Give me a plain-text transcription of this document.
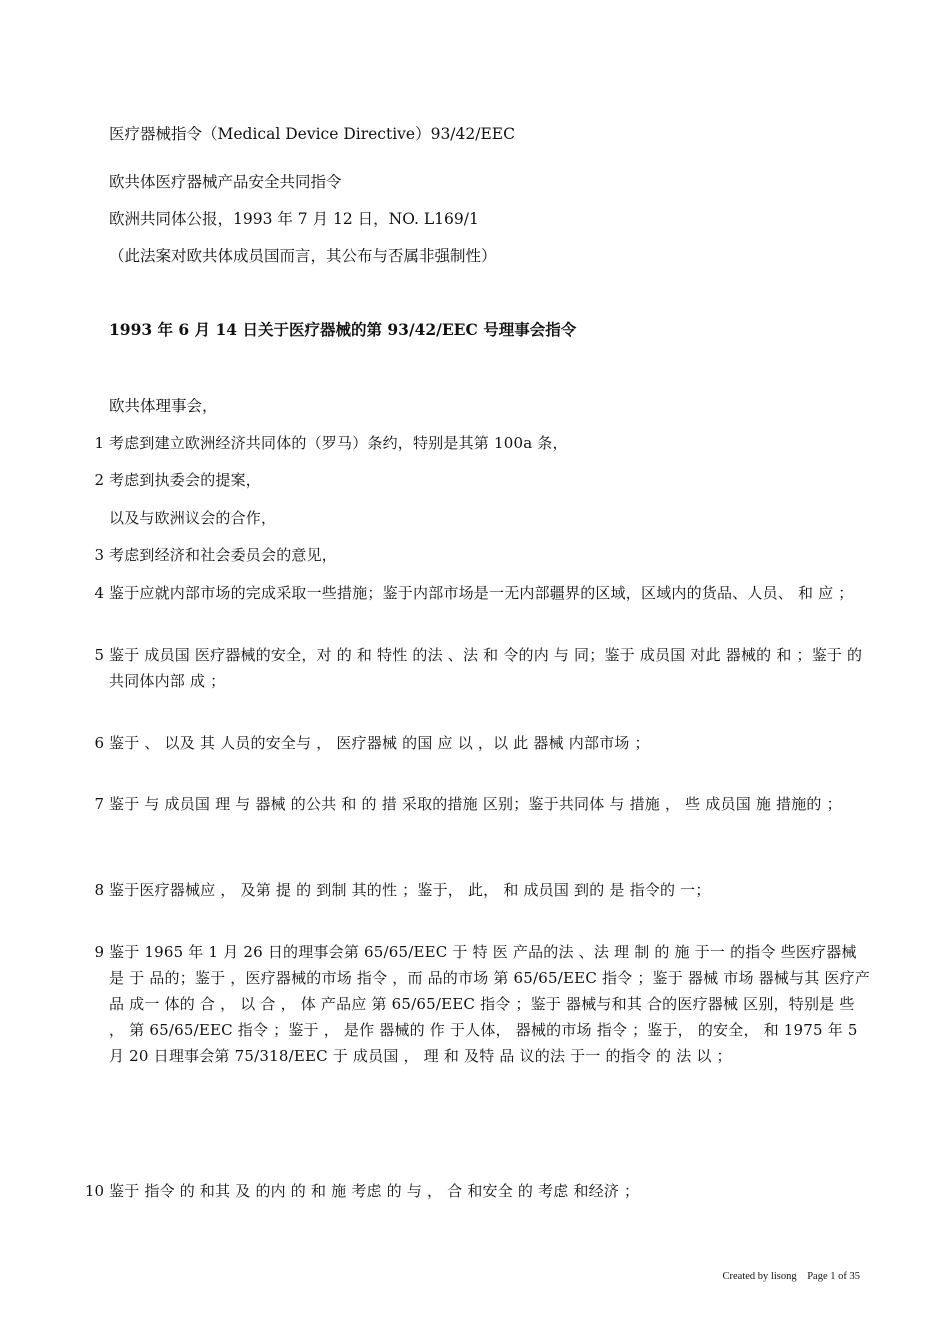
医疗器械指令（Medical Device Directive）93/42/EEC
欧共体医疗器械产品安全共同指令
欧洲共同体公报，1993 年 7 月 12 日，NO. L169/1
（此法案对欧共体成员国而言，其公布与否属非强制性）
1993 年 6 月 14 日关于医疗器械的第 93/42/EEC 号理事会指令
欧共体理事会，
1 考虑到建立欧洲经济共同体的（罗马）条约，特别是其第 100a 条，
2 考虑到执委会的提案，
以及与欧洲议会的合作，
3 考虑到经济和社会委员会的意见，
4 鉴于应就内部市场的完成采取一些措施；鉴于内部市场是一无内部疆界的区域，区域内的货品、人员、 和 应 ；
5 鉴于 成员国 医疗器械的安全，对 的 和 特性 的法 、法 和 令的内 与 同；鉴于 成员国 对此 器械的 和 ；鉴于 的 共同体内部 成 ；
6 鉴于 、 以及 其 人员的安全与 ， 医疗器械 的国 应 以 ，以 此 器械 内部市场 ；
7 鉴于 与 成员国 理 与 器械 的公共 和 的 措 采取的措施 区别；鉴于共同体 与 措施 ， 些 成员国 施 措施的 ；
8 鉴于医疗器械应 ， 及第 提 的 到制 其的性 ；鉴于， 此， 和 成员国 到的 是 指令的 一；
9 鉴于 1965 年 1 月 26 日的理事会第 65/65/EEC 于 特 医 产品的法 、法 理 制 的 施 于一 的指令 些医疗器械是 于 品的；鉴于 ，医疗器械的市场 指令 ，而 品的市场 第 65/65/EEC 指令 ；鉴于 器械 市场 器械与其 医疗产品 成一 体的 合 ， 以 合 ， 体 产品应 第 65/65/EEC 指令 ；鉴于 器械与和其 合的医疗器械 区别，特别是 些 ， 第 65/65/EEC 指令 ；鉴于 ， 是作 器械的 作 于人体， 器械的市场 指令 ；鉴于， 的安全， 和 1975 年 5 月 20 日理事会第 75/318/EEC 于 成员国 ， 理 和 及特 品 议的法 于一 的指令 的 法 以 ；
10 鉴于 指令 的 和其 及 的内 的 和 施 考虑 的 与 ， 合 和安全 的 考虑 和经济 ；
Created by lisong Page 1 of 35
